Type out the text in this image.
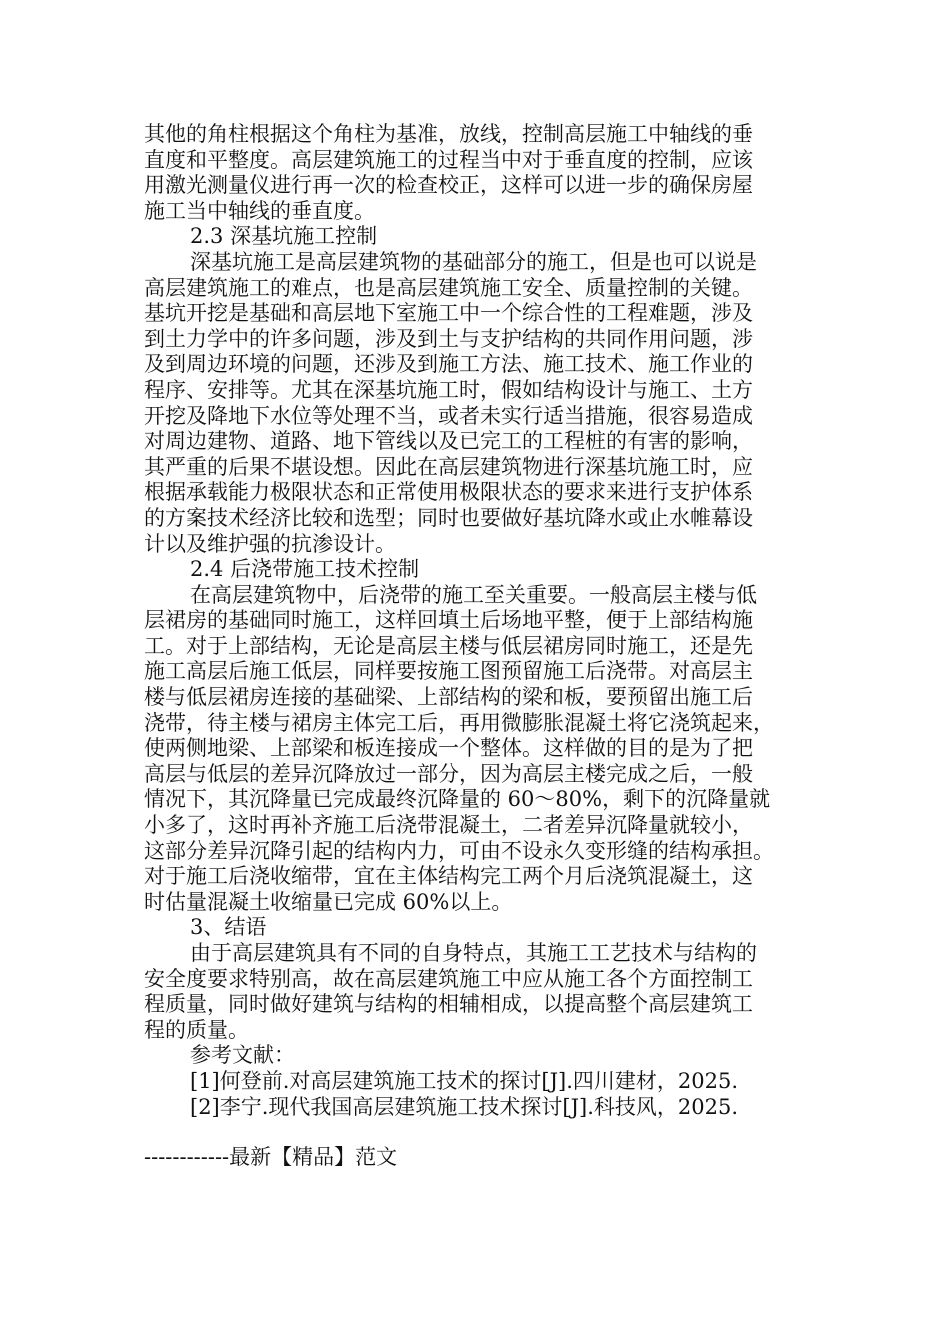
其他的角柱根据这个角柱为基准，放线，控制高层施工中轴线的垂
直度和平整度。高层建筑施工的过程当中对于垂直度的控制，应该
用激光测量仪进行再一次的检查校正，这样可以进一步的确保房屋
施工当中轴线的垂直度。
2.3 深基坑施工控制
深基坑施工是高层建筑物的基础部分的施工，但是也可以说是
高层建筑施工的难点，也是高层建筑施工安全、质量控制的关键。
基坑开挖是基础和高层地下室施工中一个综合性的工程难题，涉及
到土力学中的许多问题，涉及到土与支护结构的共同作用问题，涉
及到周边环境的问题，还涉及到施工方法、施工技术、施工作业的
程序、安排等。尤其在深基坑施工时，假如结构设计与施工、土方
开挖及降地下水位等处理不当，或者未实行适当措施，很容易造成
对周边建物、道路、地下管线以及已完工的工程桩的有害的影响，
其严重的后果不堪设想。因此在高层建筑物进行深基坑施工时，应
根据承载能力极限状态和正常使用极限状态的要求来进行支护体系
的方案技术经济比较和选型；同时也要做好基坑降水或止水帷幕设
计以及维护强的抗渗设计。
2.4 后浇带施工技术控制
在高层建筑物中，后浇带的施工至关重要。一般高层主楼与低
层裙房的基础同时施工，这样回填土后场地平整，便于上部结构施
工。对于上部结构，无论是高层主楼与低层裙房同时施工，还是先
施工高层后施工低层，同样要按施工图预留施工后浇带。对高层主
楼与低层裙房连接的基础梁、上部结构的梁和板，要预留出施工后
浇带，待主楼与裙房主体完工后，再用微膨胀混凝土将它浇筑起来，
使两侧地梁、上部梁和板连接成一个整体。这样做的目的是为了把
高层与低层的差异沉降放过一部分，因为高层主楼完成之后，一般
情况下，其沉降量已完成最终沉降量的 60～80%，剩下的沉降量就
小多了，这时再补齐施工后浇带混凝土，二者差异沉降量就较小，
这部分差异沉降引起的结构内力，可由不设永久变形缝的结构承担。
对于施工后浇收缩带，宜在主体结构完工两个月后浇筑混凝土，这
时估量混凝土收缩量已完成 60%以上。
3、结语
由于高层建筑具有不同的自身特点，其施工工艺技术与结构的
安全度要求特别高，故在高层建筑施工中应从施工各个方面控制工
程质量，同时做好建筑与结构的相辅相成，以提高整个高层建筑工
程的质量。
参考文献：
[1]何登前.对高层建筑施工技术的探讨[J].四川建材，2025.
[2]李宁.现代我国高层建筑施工技术探讨[J].科技风，2025.
------------最新【精品】范文
